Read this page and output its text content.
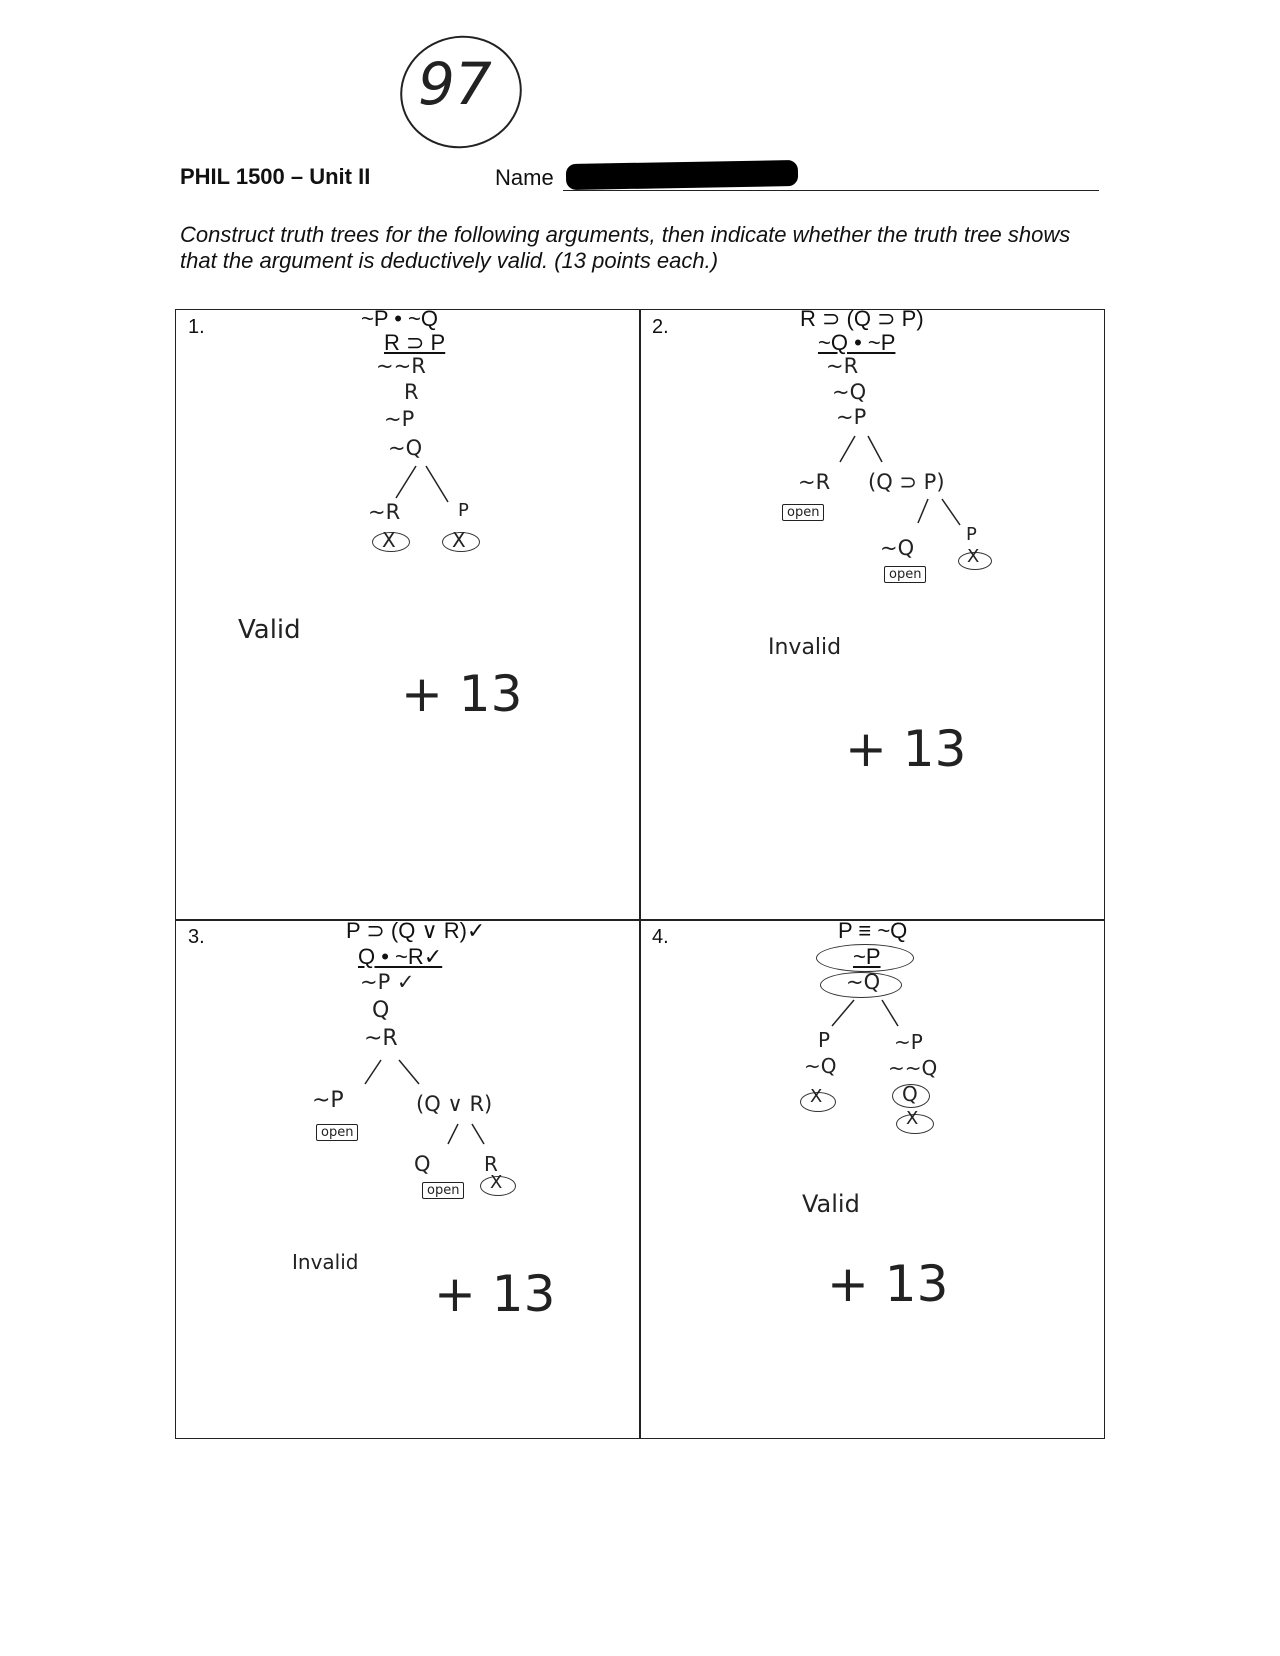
97
PHIL 1500 – Unit II	Name
Construct truth trees for the following arguments, then indicate whether the truth tree shows that the argument is deductively valid. (13 points each.)
1.	~P • ~Q
R ⊃ P
~~R
R
~P
~Q
~R	P
X	X
Valid
+ 13
2.	R ⊃ (Q ⊃ P)
~Q • ~P
~R
~Q
~P
~R (Q ⊃ P)
open
~Q
P
open
X
Invalid
+ 13
3.	P ⊃ (Q ∨ R)✓
Q • ~R✓
~P ✓
Q
~R
~P	(Q ∨ R)
open
Q	R
open X
Invalid
+ 13
4.	P ≡ ~Q
~P
~Q
P
~Q
~P
~~Q
Q
X
X
Valid
+ 13
